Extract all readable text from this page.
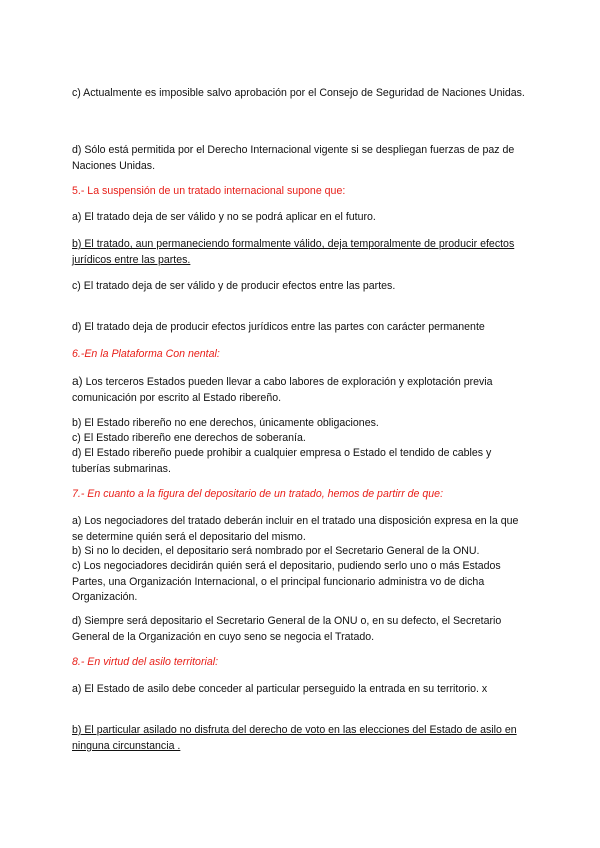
c) Actualmente es imposible salvo aprobación por el Consejo de Seguridad de Naciones Unidas.

d) Sólo está permitida por el Derecho Internacional vigente si se despliegan fuerzas de paz de Naciones Unidas.

5.- La suspensión de un tratado internacional supone que:

a) El tratado deja de ser válido y no se podrá aplicar en el futuro.

b) El tratado, aun permaneciendo formalmente válido, deja temporalmente de producir efectos jurídicos entre las partes.

c) El tratado deja de ser válido y de producir efectos entre las partes.

d) El tratado deja de producir efectos jurídicos entre las partes con carácter permanente

6.-En la Plataforma Con nental:

a) Los terceros Estados pueden llevar a cabo labores de exploración y explotación previa comunicación por escrito al Estado ribereño.

b) El Estado ribereño no ene derechos, únicamente obligaciones.

c) El Estado ribereño ene derechos de soberanía.

d) El Estado ribereño puede prohibir a cualquier empresa o Estado el tendido de cables y tuberías submarinas.

7.- En cuanto a la figura del depositario de un tratado, hemos de partirr de que:

a) Los negociadores del tratado deberán incluir en el tratado una disposición expresa en la que se determine quién será el depositario del mismo.

b) Si no lo deciden, el depositario será nombrado por el Secretario General de la ONU.

c) Los negociadores decidirán quién será el depositario, pudiendo serlo uno o más Estados Partes, una Organización Internacional, o el principal funcionario administra vo de dicha Organización.

d) Siempre será depositario el Secretario General de la ONU o, en su defecto, el Secretario General de la Organización en cuyo seno se negocia el Tratado.

8.- En virtud del asilo territorial:

a) El Estado de asilo debe conceder al particular perseguido la entrada en su territorio. x

b) El particular asilado no disfruta del derecho de voto en las elecciones del Estado de asilo en ninguna circunstancia .
